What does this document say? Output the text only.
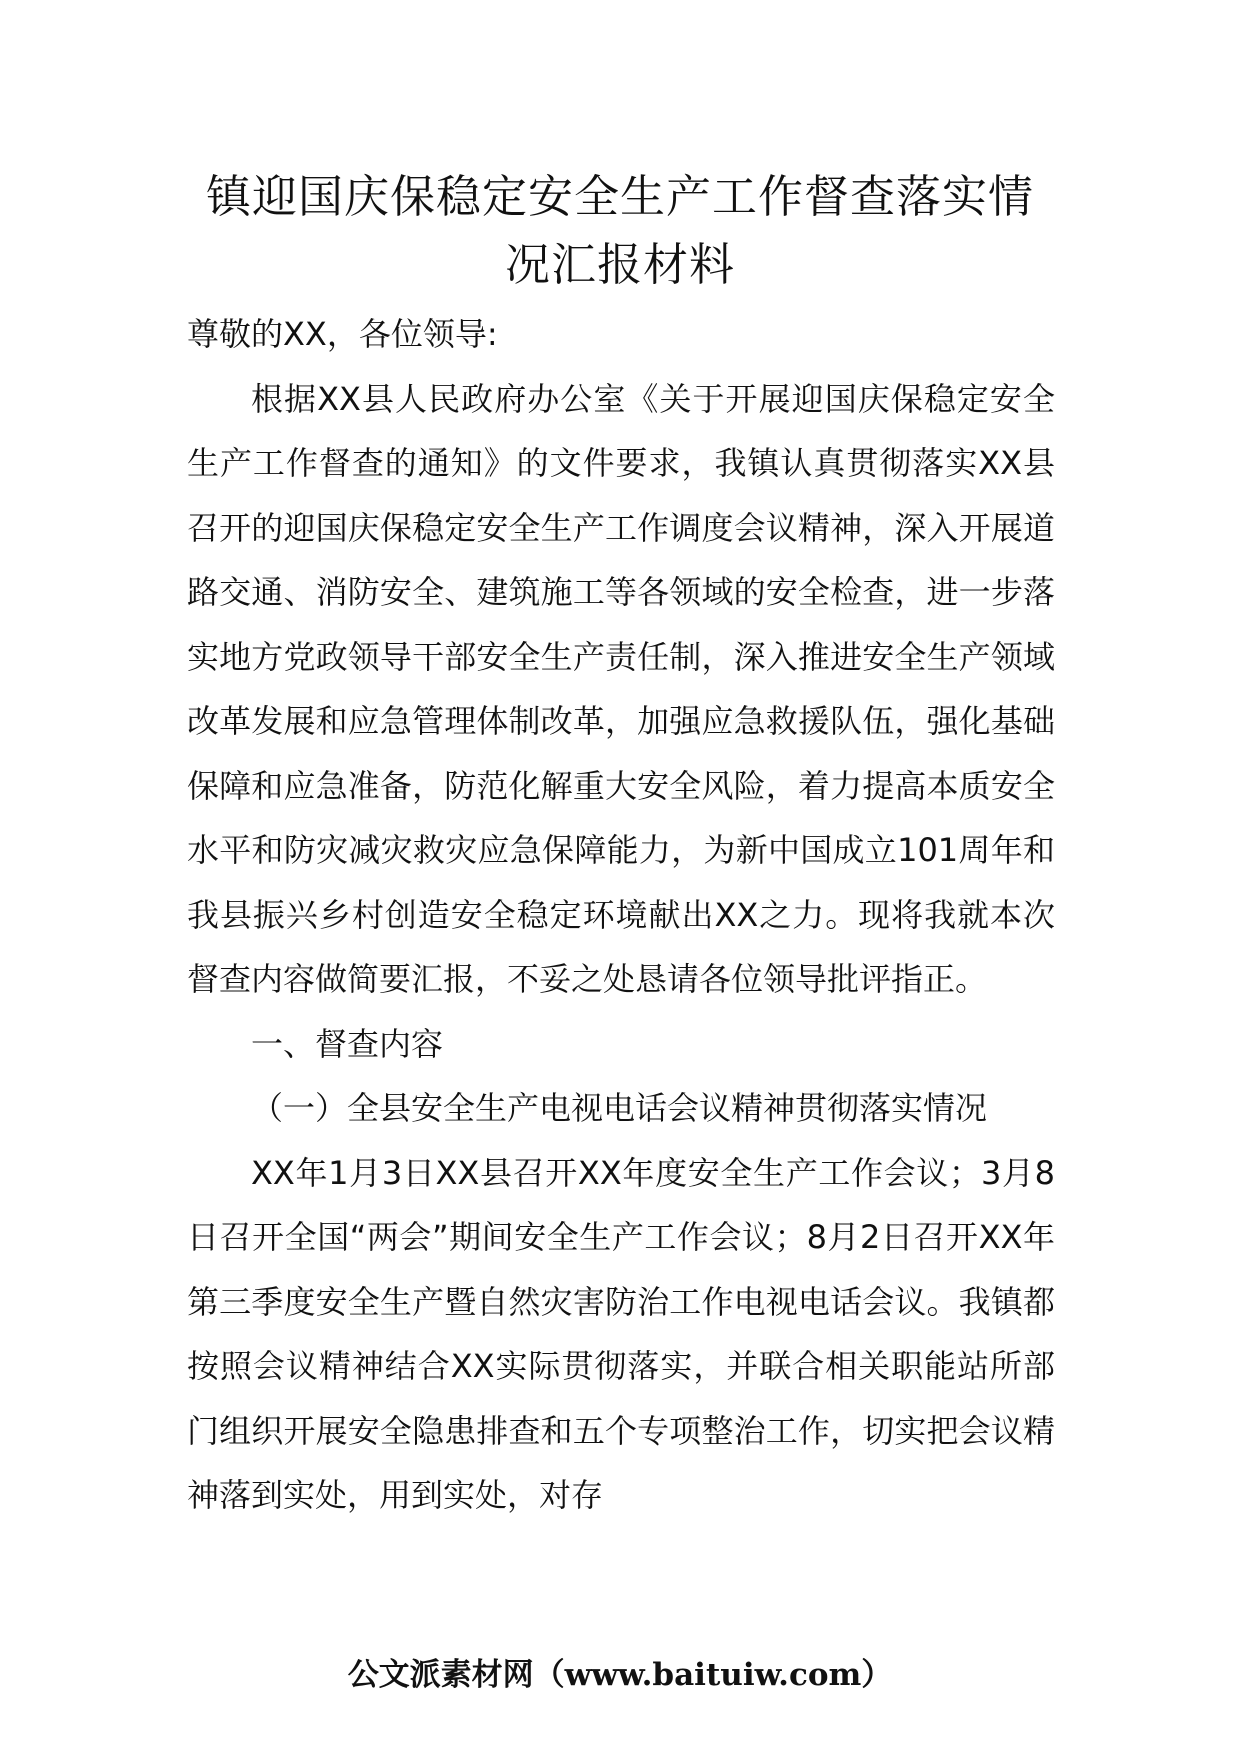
镇迎国庆保稳定安全生产工作督查落实情
况汇报材料

尊敬的XX，各位领导:

根据XX县人民政府办公室《关于开展迎国庆保稳定安全生产工作督查的通知》的文件要求，我镇认真贯彻落实XX县召开的迎国庆保稳定安全生产工作调度会议精神，深入开展道路交通、消防安全、建筑施工等各领域的安全检查，进一步落实地方党政领导干部安全生产责任制，深入推进安全生产领域改革发展和应急管理体制改革，加强应急救援队伍，强化基础保障和应急准备，防范化解重大安全风险，着力提高本质安全水平和防灾减灾救灾应急保障能力，为新中国成立101周年和我县振兴乡村创造安全稳定环境献出XX之力。现将我就本次督查内容做简要汇报，不妥之处恳请各位领导批评指正。

一、督查内容

（一）全县安全生产电视电话会议精神贯彻落实情况

XX年1月3日XX县召开XX年度安全生产工作会议；3月8日召开全国“两会”期间安全生产工作会议；8月2日召开XX年第三季度安全生产暨自然灾害防治工作电视电话会议。我镇都按照会议精神结合XX实际贯彻落实，并联合相关职能站所部门组织开展安全隐患排查和五个专项整治工作，切实把会议精神落到实处，用到实处，对存

公文派素材网（www.baituiw.com）
